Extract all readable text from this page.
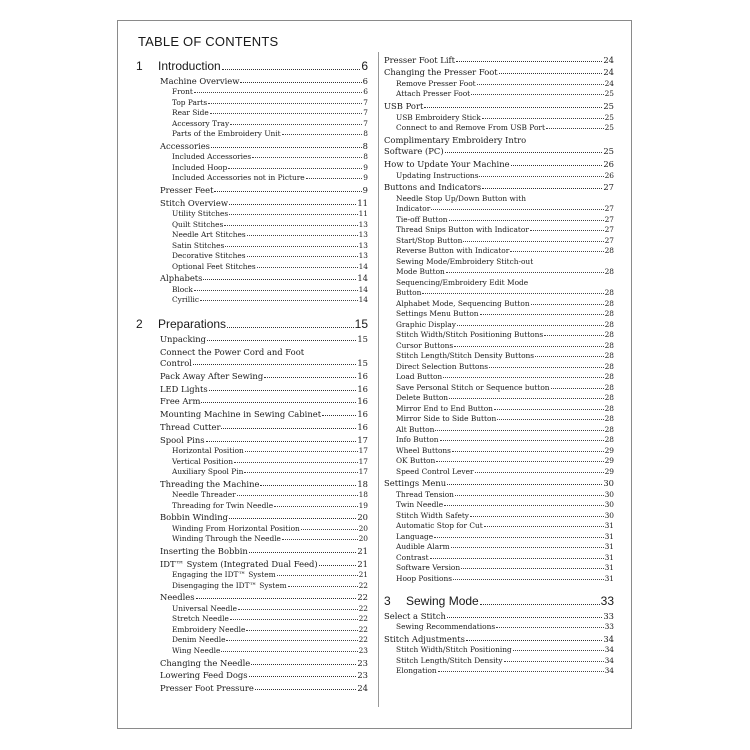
TABLE OF CONTENTS
1	Introduction	6
Machine Overview	6
Front	6
Top Parts	7
Rear Side	7
Accessory Tray	7
Parts of the Embroidery Unit	8
Accessories	8
Included Accessories	8
Included Hoop	9
Included Accessories not in Picture	9
Presser Feet	9
Stitch Overview	11
Utility Stitches	11
Quilt Stitches	13
Needle Art Stitches	13
Satin Stitches	13
Decorative Stitches	13
Optional Feet Stitches	14
Alphabets	14
Block	14
Cyrillic	14
2	Preparations	15
Unpacking	15
Connect the Power Cord and Foot
Control	15
Pack Away After Sewing	16
LED Lights	16
Free Arm	16
Mounting Machine in Sewing Cabinet	16
Thread Cutter	16
Spool Pins	17
Horizontal Position	17
Vertical Position	17
Auxiliary Spool Pin	17
Threading the Machine	18
Needle Threader	18
Threading for Twin Needle	19
Bobbin Winding	20
Winding From Horizontal Position	20
Winding Through the Needle	20
Inserting the Bobbin	21
IDT™ System (Integrated Dual Feed)	21
Engaging the IDT™ System	21
Disengaging the IDT™ System	22
Needles	22
Universal Needle	22
Stretch Needle	22
Embroidery Needle	22
Denim Needle	22
Wing Needle	23
Changing the Needle	23
Lowering Feed Dogs	23
Presser Foot Pressure	24
Presser Foot Lift	24
Changing the Presser Foot	24
Remove Presser Foot	24
Attach Presser Foot	25
USB Port	25
USB Embroidery Stick	25
Connect to and Remove From USB Port	25
Complimentary Embroidery Intro
Software (PC)	25
How to Update Your Machine	26
Updating Instructions	26
Buttons and Indicators	27
Needle Stop Up/Down Button with
Indicator	27
Tie-off Button	27
Thread Snips Button with Indicator	27
Start/Stop Button	27
Reverse Button with Indicator	28
Sewing Mode/Embroidery Stitch-out
Mode Button	28
Sequencing/Embroidery Edit Mode
Button	28
Alphabet Mode, Sequencing Button	28
Settings Menu Button	28
Graphic Display	28
Stitch Width/Stitch Positioning Buttons	28
Cursor Buttons	28
Stitch Length/Stitch Density Buttons	28
Direct Selection Buttons	28
Load Button	28
Save Personal Stitch or Sequence button	28
Delete Button	28
Mirror End to End Button	28
Mirror Side to Side Button	28
Alt Button	28
Info Button	28
Wheel Buttons	29
OK Button	29
Speed Control Lever	29
Settings Menu	30
Thread Tension	30
Twin Needle	30
Stitch Width Safety	30
Automatic Stop for Cut	31
Language	31
Audible Alarm	31
Contrast	31
Software Version	31
Hoop Positions	31
3	Sewing Mode	33
Select a Stitch	33
Sewing Recommendations	33
Stitch Adjustments	34
Stitch Width/Stitch Positioning	34
Stitch Length/Stitch Density	34
Elongation	34
